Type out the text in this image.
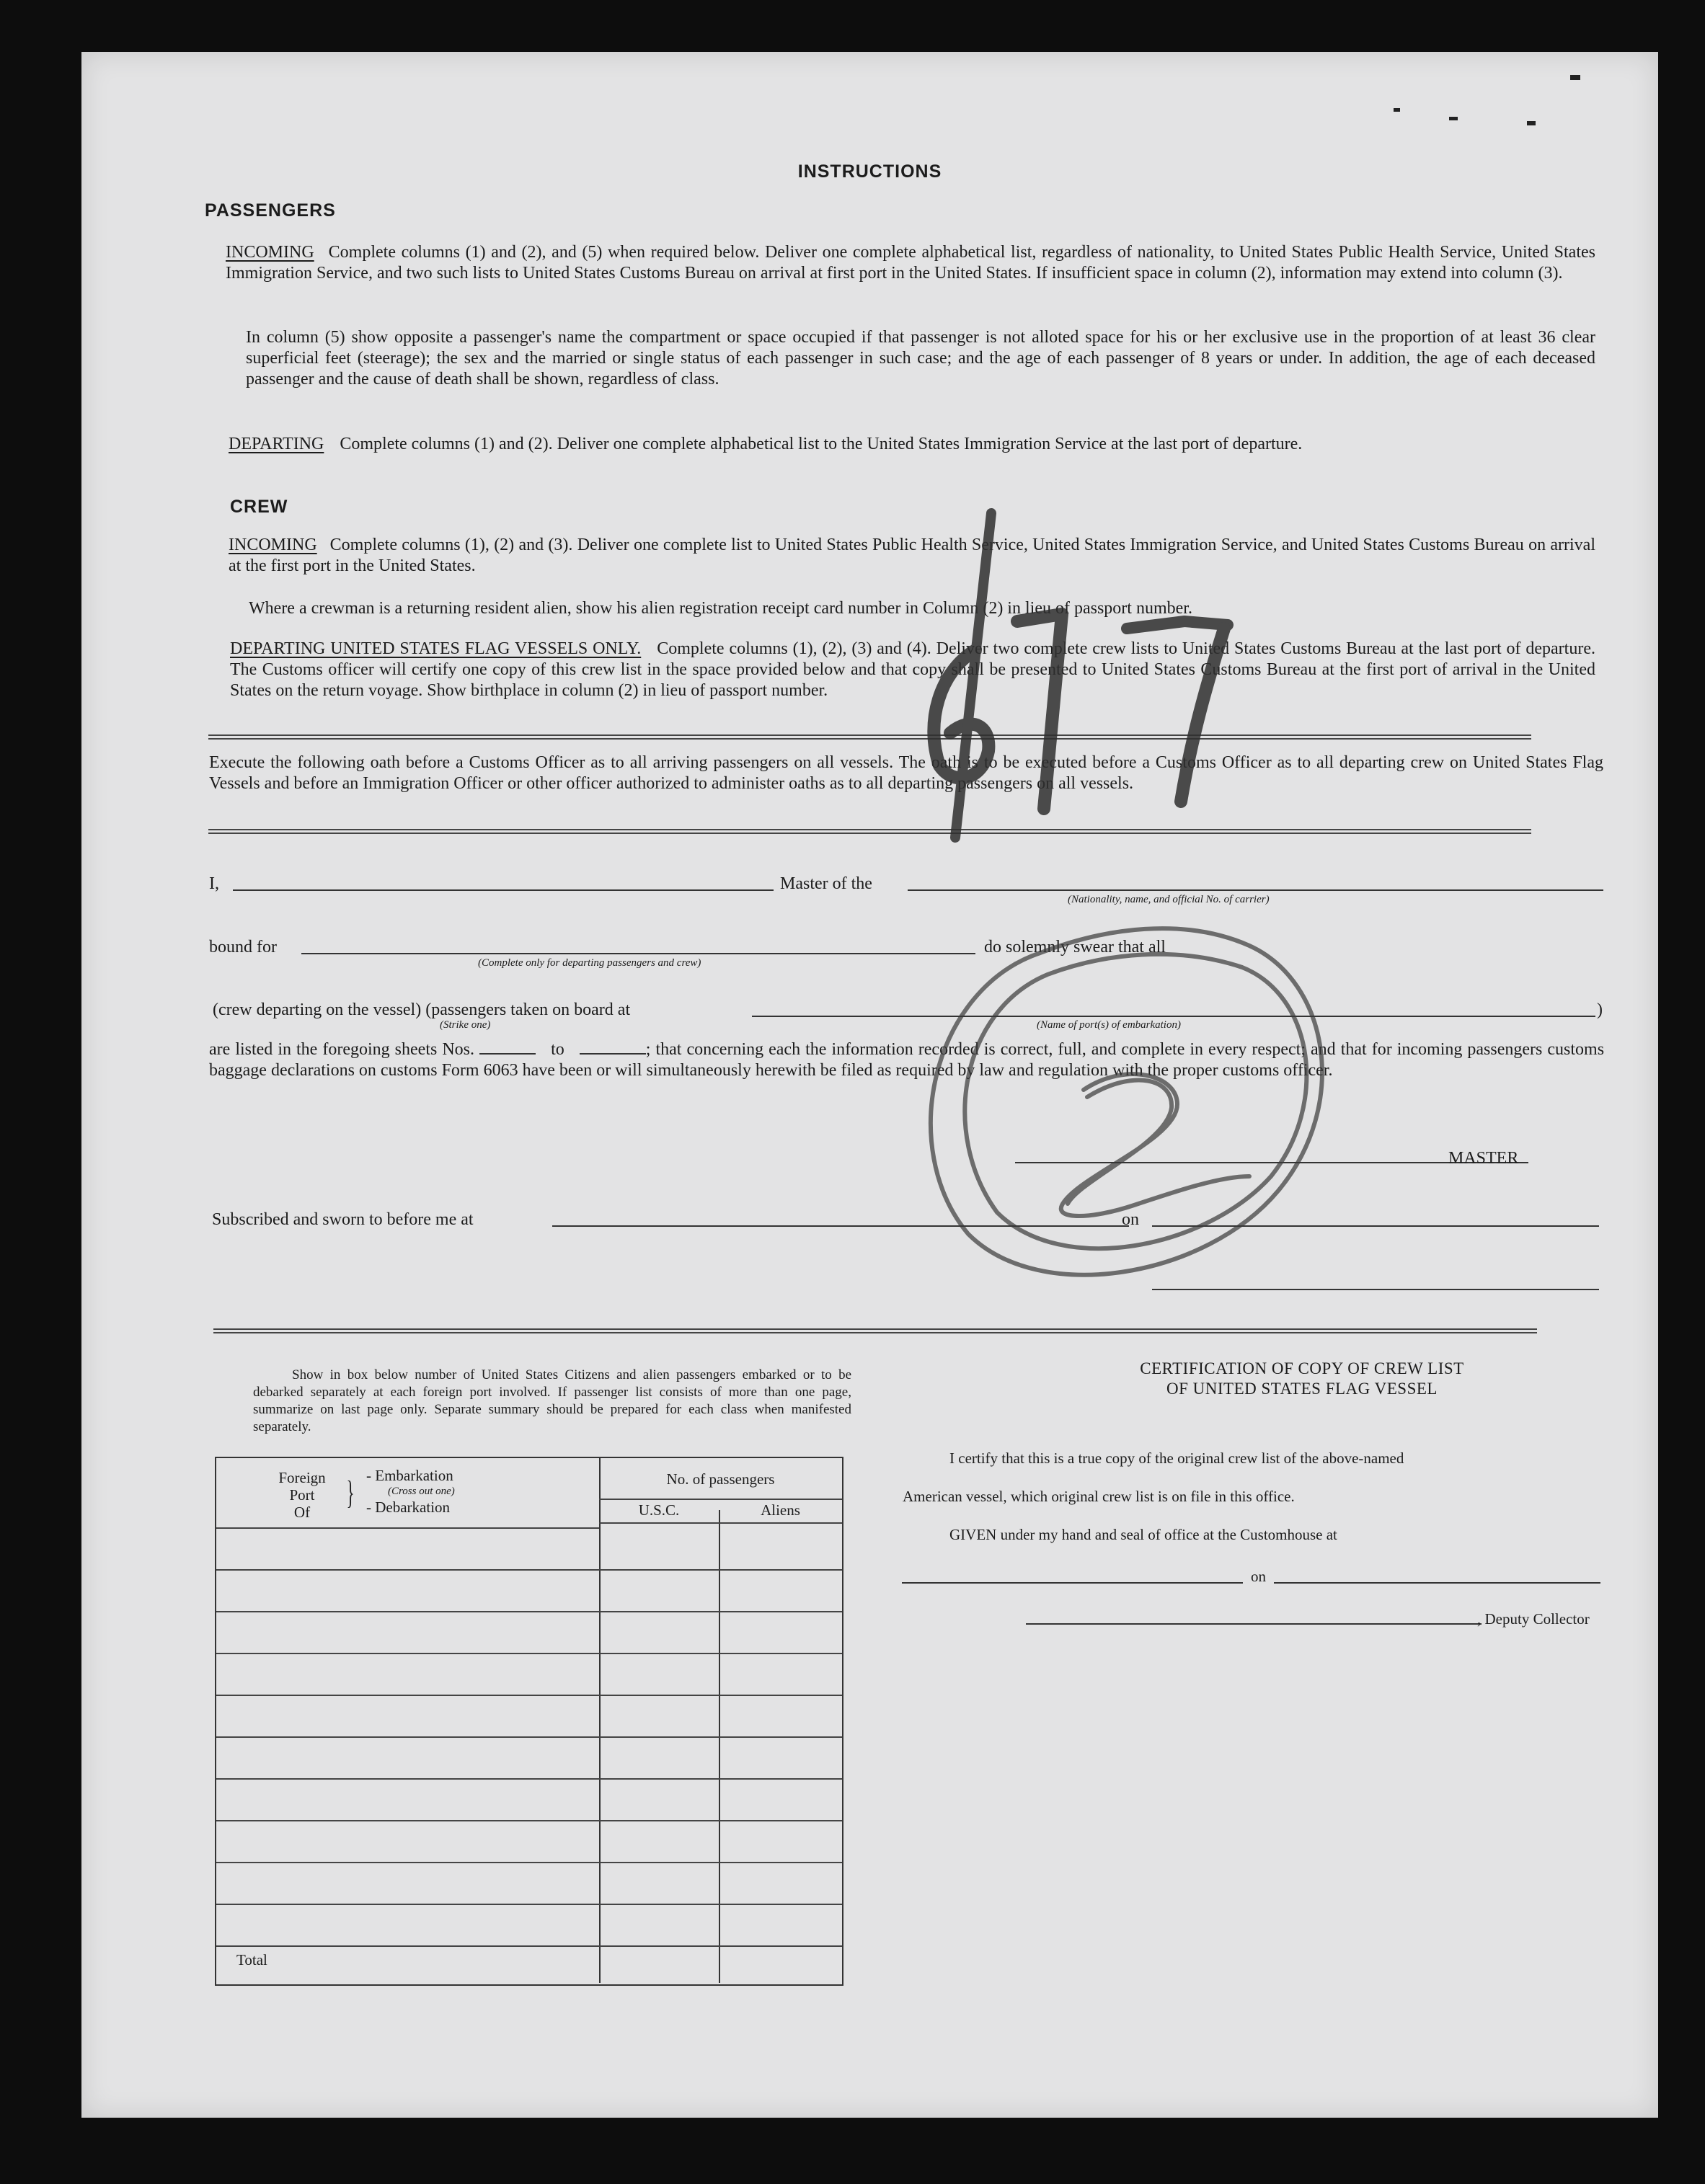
INSTRUCTIONS
PASSENGERS
INCOMING Complete columns (1) and (2), and (5) when required below. Deliver one complete alphabetical list, regardless of nationality, to United States Public Health Service, United States Immigration Service, and two such lists to United States Customs Bureau on arrival at first port in the United States. If insufficient space in column (2), information may extend into column (3).
In column (5) show opposite a passenger's name the compartment or space occupied if that passenger is not alloted space for his or her exclusive use in the proportion of at least 36 clear superficial feet (steerage); the sex and the married or single status of each passenger in such case; and the age of each passenger of 8 years or under. In addition, the age of each deceased passenger and the cause of death shall be shown, regardless of class.
DEPARTING Complete columns (1) and (2). Deliver one complete alphabetical list to the United States Immigration Service at the last port of departure.
CREW
INCOMING Complete columns (1), (2) and (3). Deliver one complete list to United States Public Health Service, United States Immigration Service, and United States Customs Bureau on arrival at the first port in the United States.
Where a crewman is a returning resident alien, show his alien registration receipt card number in Column (2) in lieu of passport number.
DEPARTING UNITED STATES FLAG VESSELS ONLY. Complete columns (1), (2), (3) and (4). Deliver two complete crew lists to United States Customs Bureau at the last port of departure. The Customs officer will certify one copy of this crew list in the space provided below and that copy shall be presented to United States Customs Bureau at the first port of arrival in the United States on the return voyage. Show birthplace in column (2) in lieu of passport number.
Execute the following oath before a Customs Officer as to all arriving passengers on all vessels. The oath is to be executed before a Customs Officer as to all departing crew on United States Flag Vessels and before an Immigration Officer or other officer authorized to administer oaths as to all departing passengers on all vessels.
I,	Master of the
(Nationality, name, and official No. of carrier)
bound for
(Complete only for departing passengers and crew)
do solemnly swear that all
(crew departing on the vessel) (passengers taken on board at	)
(Strike one)	(Name of port(s) of embarkation)
are listed in the foregoing sheets Nos.	to	; that concerning each the information recorded is correct, full, and complete in every respect; and that for incoming passengers customs baggage declarations on customs Form 6063 have been or will simultaneously herewith be filed as required by law and regulation with the proper customs officer.
MASTER
Subscribed and sworn to before me at	on
Show in box below number of United States Citizens and alien passengers embarked or to be debarked separately at each foreign port involved. If passenger list consists of more than one page, summarize on last page only. Separate summary should be prepared for each class when manifested separately.
Foreign
Port
Of
} - Embarkation
(Cross out one)
- Debarkation
No. of passengers
U.S.C.	Aliens
Total
CERTIFICATION OF COPY OF CREW LIST
OF UNITED STATES FLAG VESSEL
I certify that this is a true copy of the original crew list of the above-named
American vessel, which original crew list is on file in this office.
GIVEN under my hand and seal of office at the Customhouse at
on
, Deputy Collector
